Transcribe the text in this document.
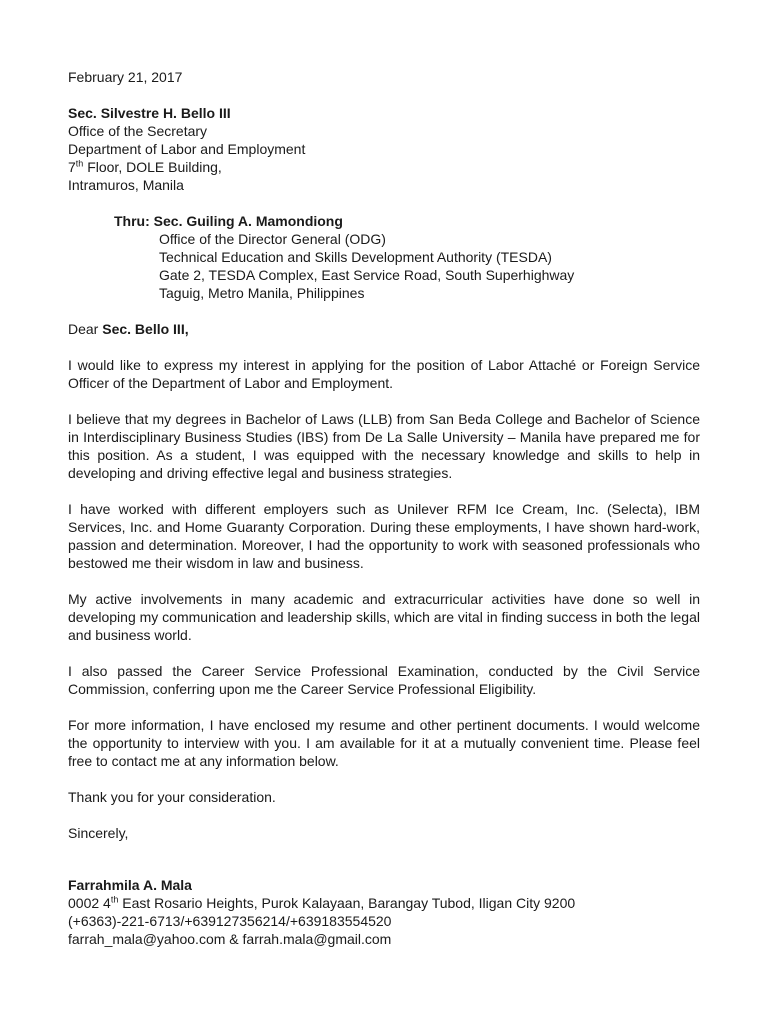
February 21, 2017

Sec. Silvestre H. Bello III

Office of the Secretary

Department of Labor and Employment

7th Floor, DOLE Building,

Intramuros, Manila

Thru: Sec. Guiling A. Mamondiong

Office of the Director General (ODG)

Technical Education and Skills Development Authority (TESDA)

Gate 2, TESDA Complex, East Service Road, South Superhighway

Taguig, Metro Manila, Philippines

Dear Sec. Bello III,

I would like to express my interest in applying for the position of Labor Attaché or Foreign Service Officer of the Department of Labor and Employment.

I believe that my degrees in Bachelor of Laws (LLB) from San Beda College and Bachelor of Science in Interdisciplinary Business Studies (IBS) from De La Salle University – Manila have prepared me for this position. As a student, I was equipped with the necessary knowledge and skills to help in developing and driving effective legal and business strategies.

I have worked with different employers such as Unilever RFM Ice Cream, Inc. (Selecta), IBM Services, Inc. and Home Guaranty Corporation. During these employments, I have shown hard-work, passion and determination. Moreover, I had the opportunity to work with seasoned professionals who bestowed me their wisdom in law and business.

My active involvements in many academic and extracurricular activities have done so well in developing my communication and leadership skills, which are vital in finding success in both the legal and business world.

I also passed the Career Service Professional Examination, conducted by the Civil Service Commission, conferring upon me the Career Service Professional Eligibility.

For more information, I have enclosed my resume and other pertinent documents. I would welcome the opportunity to interview with you. I am available for it at a mutually convenient time. Please feel free to contact me at any information below.

Thank you for your consideration.

Sincerely,

Farrahmila A. Mala

0002 4th East Rosario Heights, Purok Kalayaan, Barangay Tubod, Iligan City 9200

(+6363)-221-6713/+639127356214/+639183554520

farrah_mala@yahoo.com & farrah.mala@gmail.com
